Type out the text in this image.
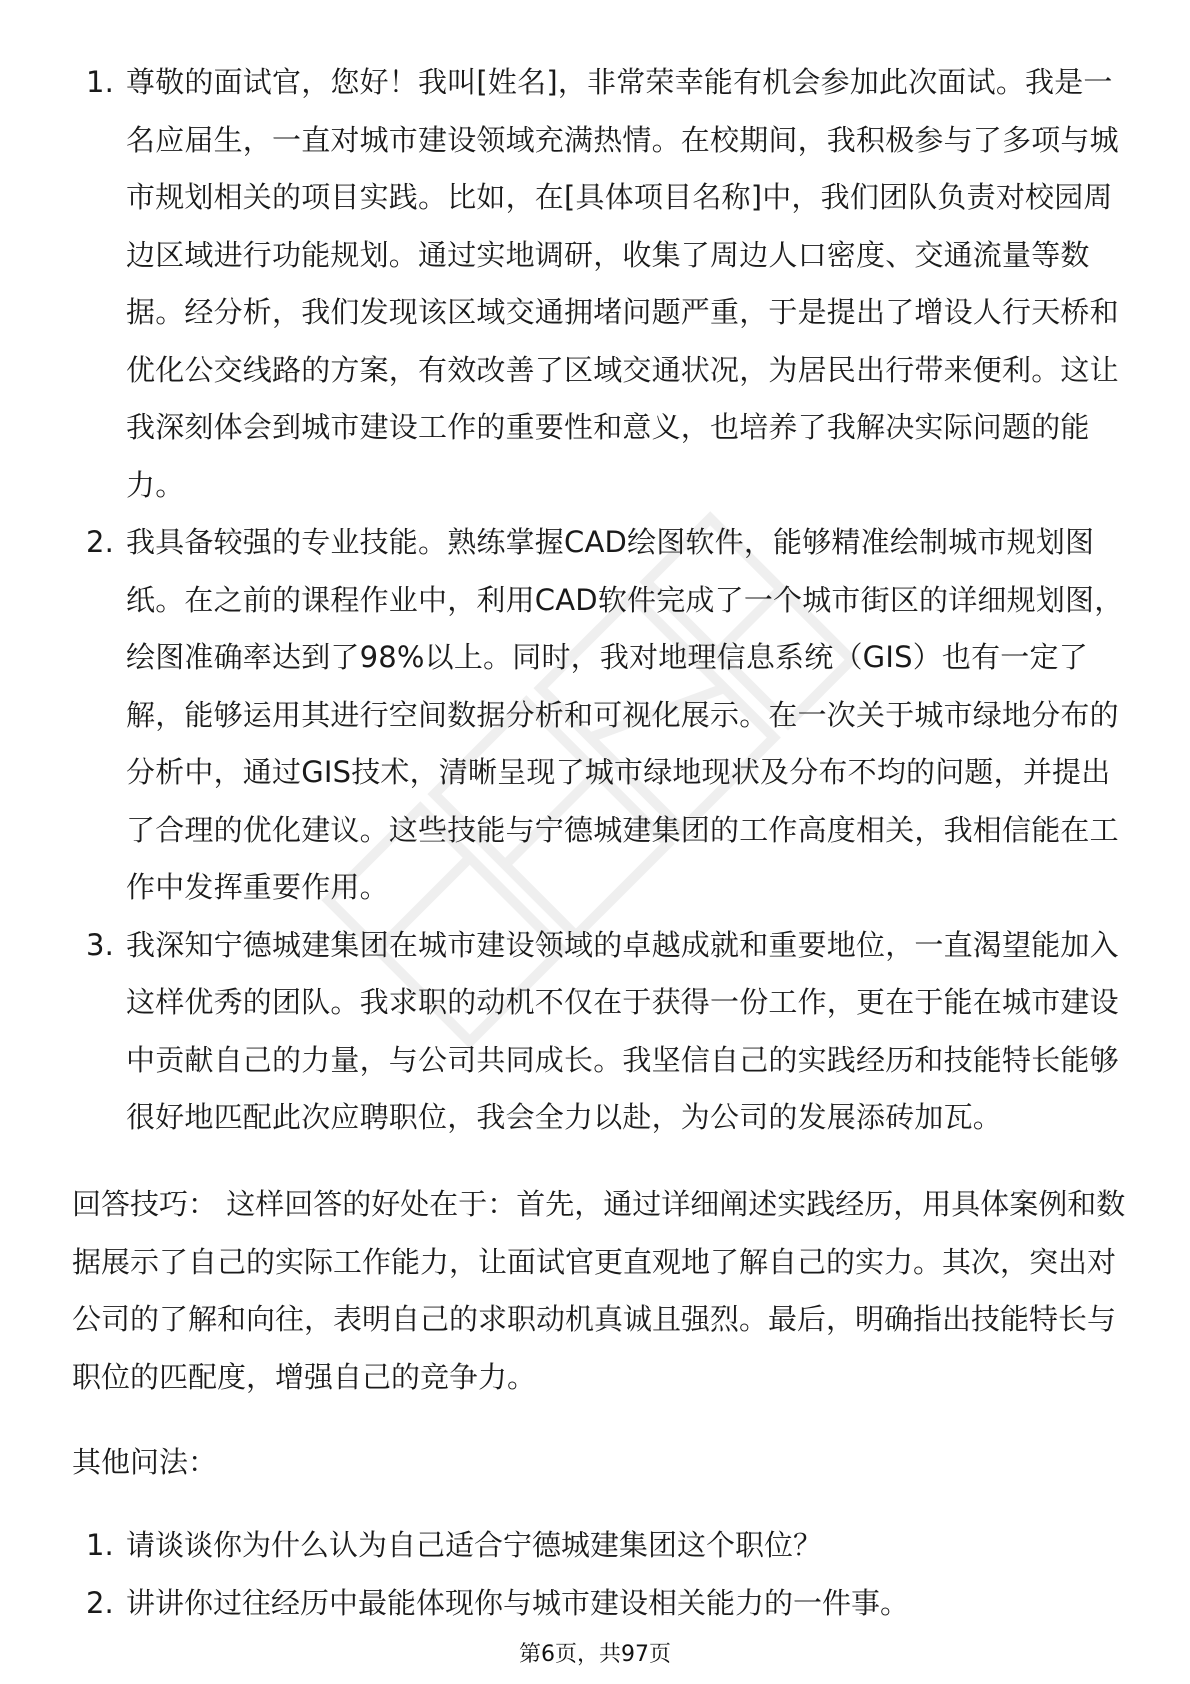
1. 尊敬的面试官，您好！我叫[姓名]，非常荣幸能有机会参加此次面试。我是一名应届生，一直对城市建设领域充满热情。在校期间，我积极参与了多项与城市规划相关的项目实践。比如，在[具体项目名称]中，我们团队负责对校园周边区域进行功能规划。通过实地调研，收集了周边人口密度、交通流量等数据。经分析，我们发现该区域交通拥堵问题严重，于是提出了增设人行天桥和优化公交线路的方案，有效改善了区域交通状况，为居民出行带来便利。这让我深刻体会到城市建设工作的重要性和意义，也培养了我解决实际问题的能力。
2. 我具备较强的专业技能。熟练掌握CAD绘图软件，能够精准绘制城市规划图纸。在之前的课程作业中，利用CAD软件完成了一个城市街区的详细规划图，绘图准确率达到了98%以上。同时，我对地理信息系统（GIS）也有一定了解，能够运用其进行空间数据分析和可视化展示。在一次关于城市绿地分布的分析中，通过GIS技术，清晰呈现了城市绿地现状及分布不均的问题，并提出了合理的优化建议。这些技能与宁德城建集团的工作高度相关，我相信能在工作中发挥重要作用。
3. 我深知宁德城建集团在城市建设领域的卓越成就和重要地位，一直渴望能加入这样优秀的团队。我求职的动机不仅在于获得一份工作，更在于能在城市建设中贡献自己的力量，与公司共同成长。我坚信自己的实践经历和技能特长能够很好地匹配此次应聘职位，我会全力以赴，为公司的发展添砖加瓦。

回答技巧： 这样回答的好处在于：首先，通过详细阐述实践经历，用具体案例和数据展示了自己的实际工作能力，让面试官更直观地了解自己的实力。其次，突出对公司的了解和向往，表明自己的求职动机真诚且强烈。最后，明确指出技能特长与职位的匹配度，增强自己的竞争力。

其他问法：

1. 请谈谈你为什么认为自己适合宁德城建集团这个职位？
2. 讲讲你过往经历中最能体现你与城市建设相关能力的一件事。
第6页，共97页
